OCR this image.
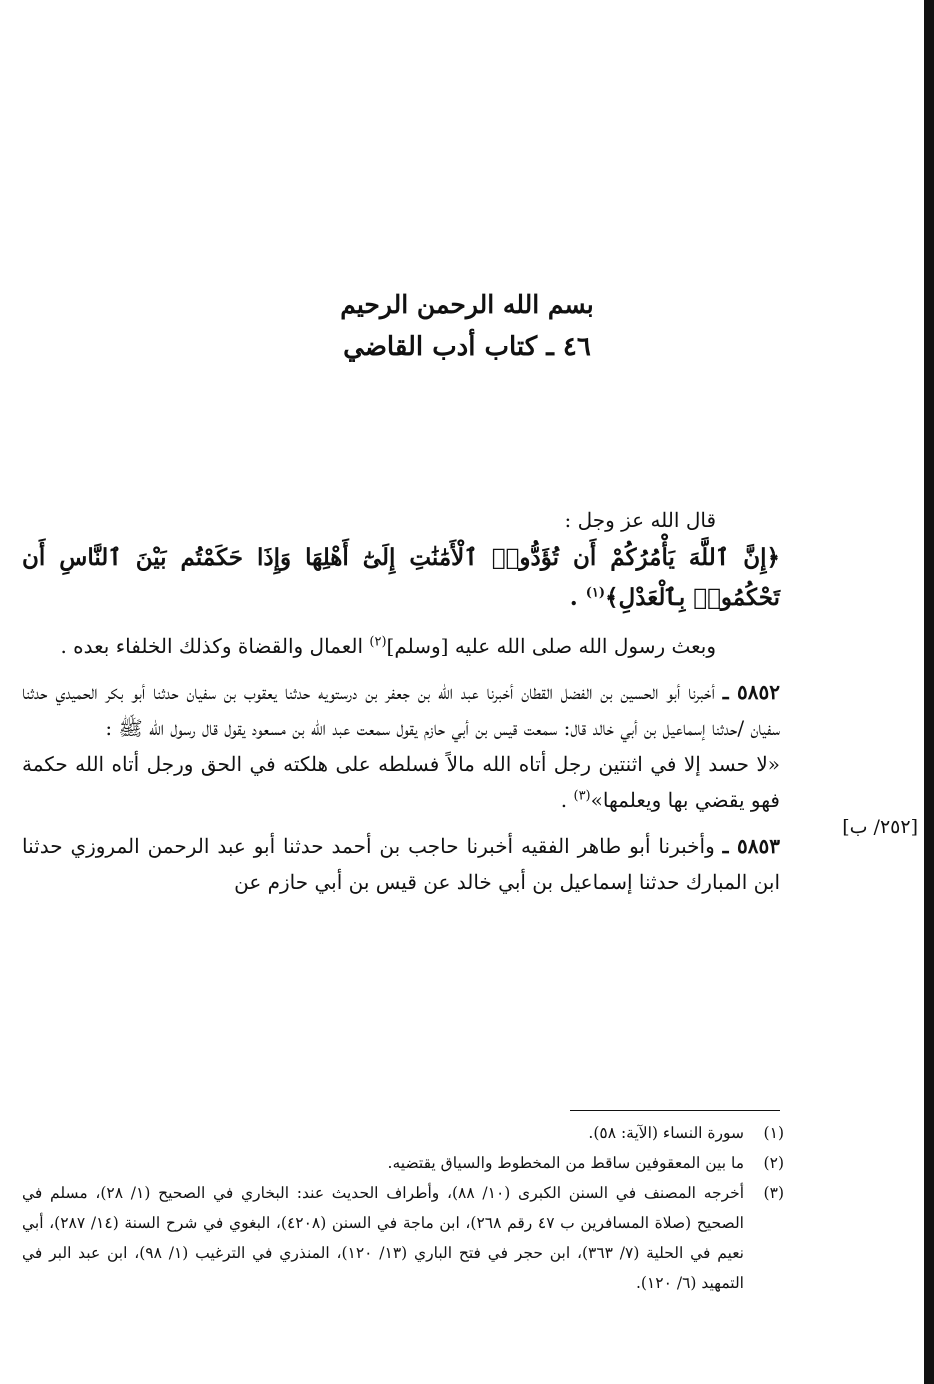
بسم الله الرحمن الرحيم
٤٦ ـ كتاب أدب القاضي

قال الله عز وجل :

﴿إِنَّ ٱللَّهَ يَأْمُرُكُمْ أَن تُؤَدُّوا۟ ٱلْأَمَٰنَٰتِ إِلَىٰٓ أَهْلِهَا وَإِذَا حَكَمْتُم بَيْنَ ٱلنَّاسِ أَن تَحْكُمُوا۟ بِٱلْعَدْلِ﴾$^{(١)}$ .

وبعث رسول الله صلى الله عليه [وسلم]$^{(٢)}$ العمال والقضاة وكذلك الخلفاء بعده .

٥٨٥٢ ـ أخبرنا أبو الحسين بن الفضل القطان أخبرنا عبد الله بن جعفر بن درستويه حدثنا يعقوب بن سفيان حدثنا أبو بكر الحميدي حدثنا سفيان /حدثنا إسماعيل بن أبي خالد قال: سمعت قيس بن أبي حازم يقول سمعت عبد الله بن مسعود يقول قال رسول الله ﷺ :

«لا حسد إلا في اثنتين رجل أتاه الله مالاً فسلطه على هلكته في الحق ورجل أتاه الله حكمة فهو يقضي بها ويعلمها»$^{(٣)}$ .

٥٨٥٣ ـ وأخبرنا أبو طاهر الفقيه أخبرنا حاجب بن أحمد حدثنا أبو عبد الرحمن المروزي حدثنا ابن المبارك حدثنا إسماعيل بن أبي خالد عن قيس بن أبي حازم عن

[٢٥٢/ ب]
(١)
سورة النساء (الآية: ٥٨).
(٢)
ما بين المعقوفين ساقط من المخطوط والسياق يقتضيه.
(٣)
أخرجه المصنف في السنن الكبرى (١٠/ ٨٨)، وأطراف الحديث عند: البخاري في الصحيح (١/ ٢٨)، مسلم في الصحيح (صلاة المسافرين ب ٤٧ رقم ٢٦٨)، ابن ماجة في السنن (٤٢٠٨)، البغوي في شرح السنة (١٤/ ٢٨٧)، أبي نعيم في الحلية (٧/ ٣٦٣)، ابن حجر في فتح الباري (١٣/ ١٢٠)، المنذري في الترغيب (١/ ٩٨)، ابن عبد البر في التمهيد (٦/ ١٢٠).
